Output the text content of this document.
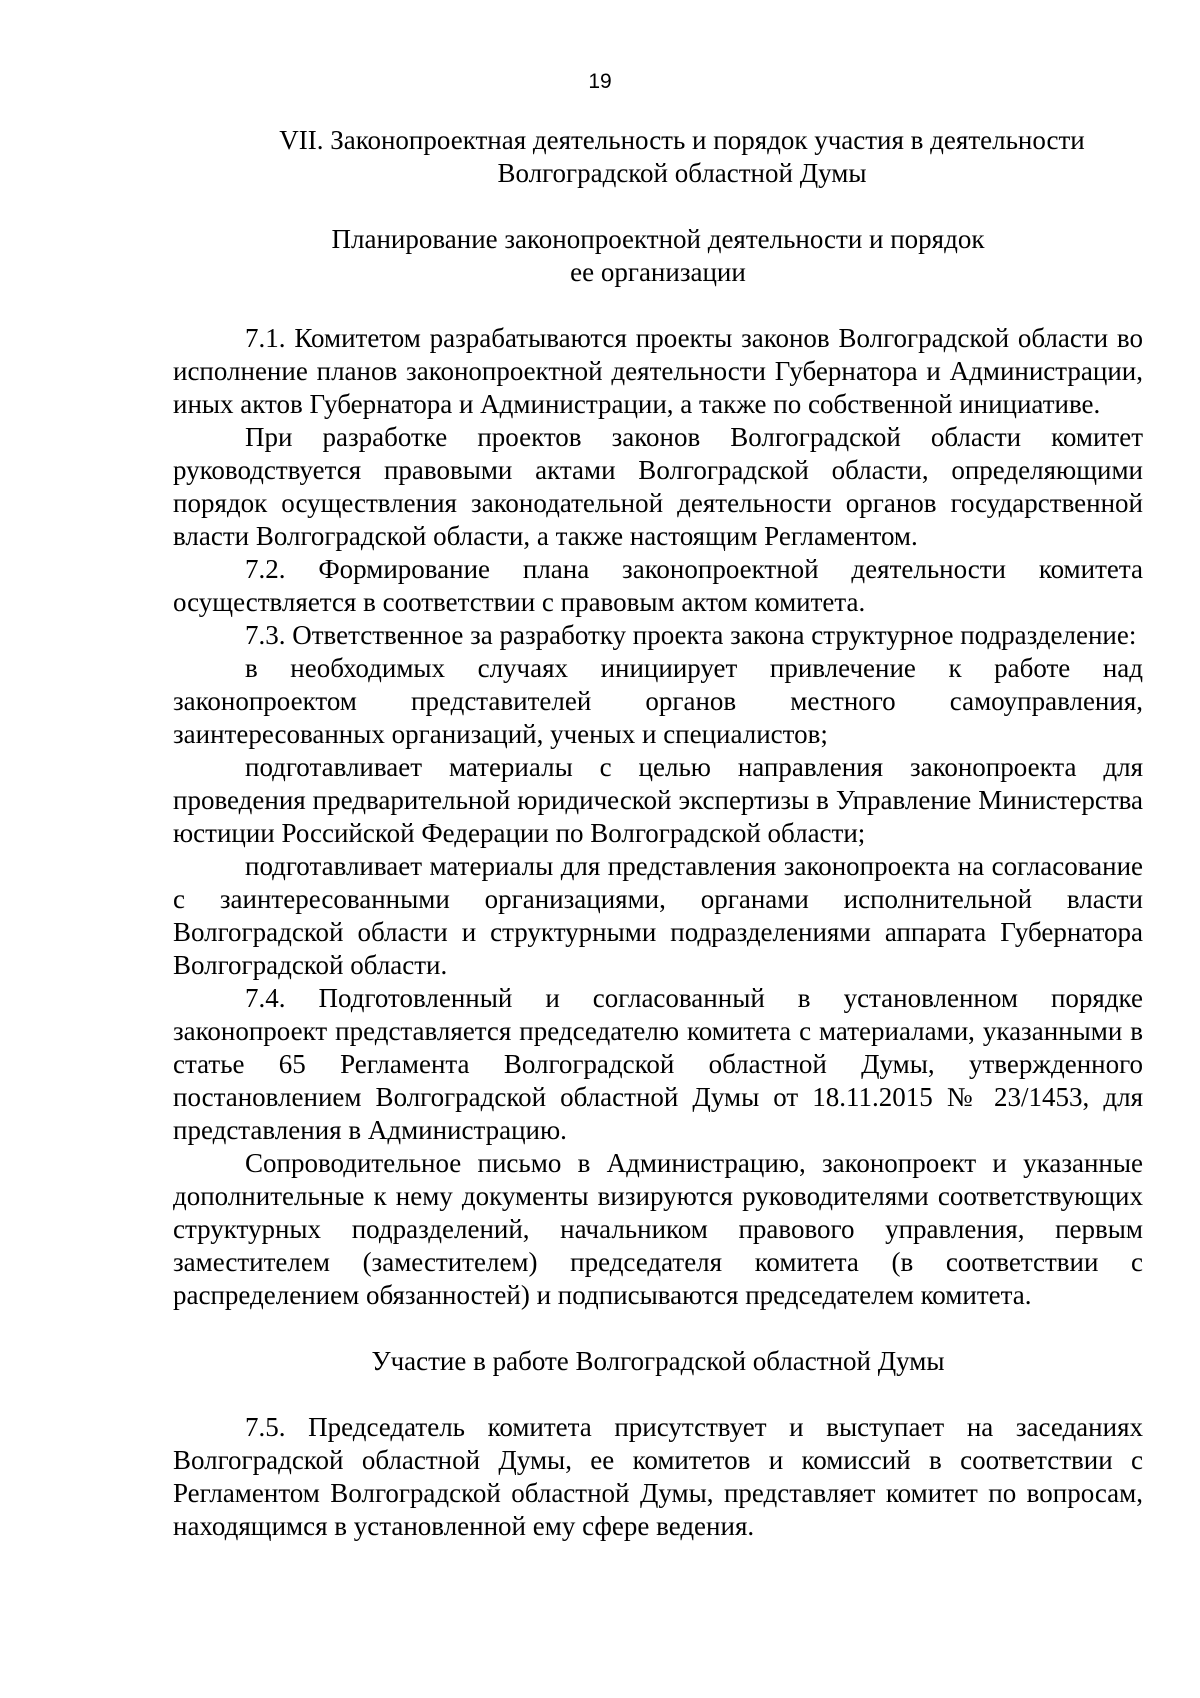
19
VII. Законопроектная деятельность и порядок участия в деятельности
Волгоградской областной Думы
Планирование законопроектной деятельности и порядок
ее организации

7.1. Комитетом разрабатываются проекты законов Волгоградской области во исполнение планов законопроектной деятельности Губернатора и Администрации, иных актов Губернатора и Администрации, а также по собственной инициативе.

При разработке проектов законов Волгоградской области комитет руководствуется правовыми актами Волгоградской области, определяющими порядок осуществления законодательной деятельности органов государственной власти Волгоградской области, а также настоящим Регламентом.

7.2. Формирование плана законопроектной деятельности комитета осуществляется в соответствии с правовым актом комитета.

7.3. Ответственное за разработку проекта закона структурное подразделение:

в необходимых случаях инициирует привлечение к работе над законопроектом представителей органов местного самоуправления, заинтересованных организаций, ученых и специалистов;

подготавливает материалы с целью направления законопроекта для проведения предварительной юридической экспертизы в Управление Министерства юстиции Российской Федерации по Волгоградской области;

подготавливает материалы для представления законопроекта на согласование с заинтересованными организациями, органами исполнительной власти Волгоградской области и структурными подразделениями аппарата Губернатора Волгоградской области.

7.4. Подготовленный и согласованный в установленном порядке законопроект представляется председателю комитета с материалами, указанными в статье 65 Регламента Волгоградской областной Думы, утвержденного постановлением Волгоградской областной Думы от 18.11.2015 № 23/1453, для представления в Администрацию.

Сопроводительное письмо в Администрацию, законопроект и указанные дополнительные к нему документы визируются руководителями соответствующих структурных подразделений, начальником правового управления, первым заместителем (заместителем) председателя комитета (в соответствии с распределением обязанностей) и подписываются председателем комитета.

Участие в работе Волгоградской областной Думы

7.5. Председатель комитета присутствует и выступает на заседаниях Волгоградской областной Думы, ее комитетов и комиссий в соответствии с Регламентом Волгоградской областной Думы, представляет комитет по вопросам, находящимся в установленной ему сфере ведения.
